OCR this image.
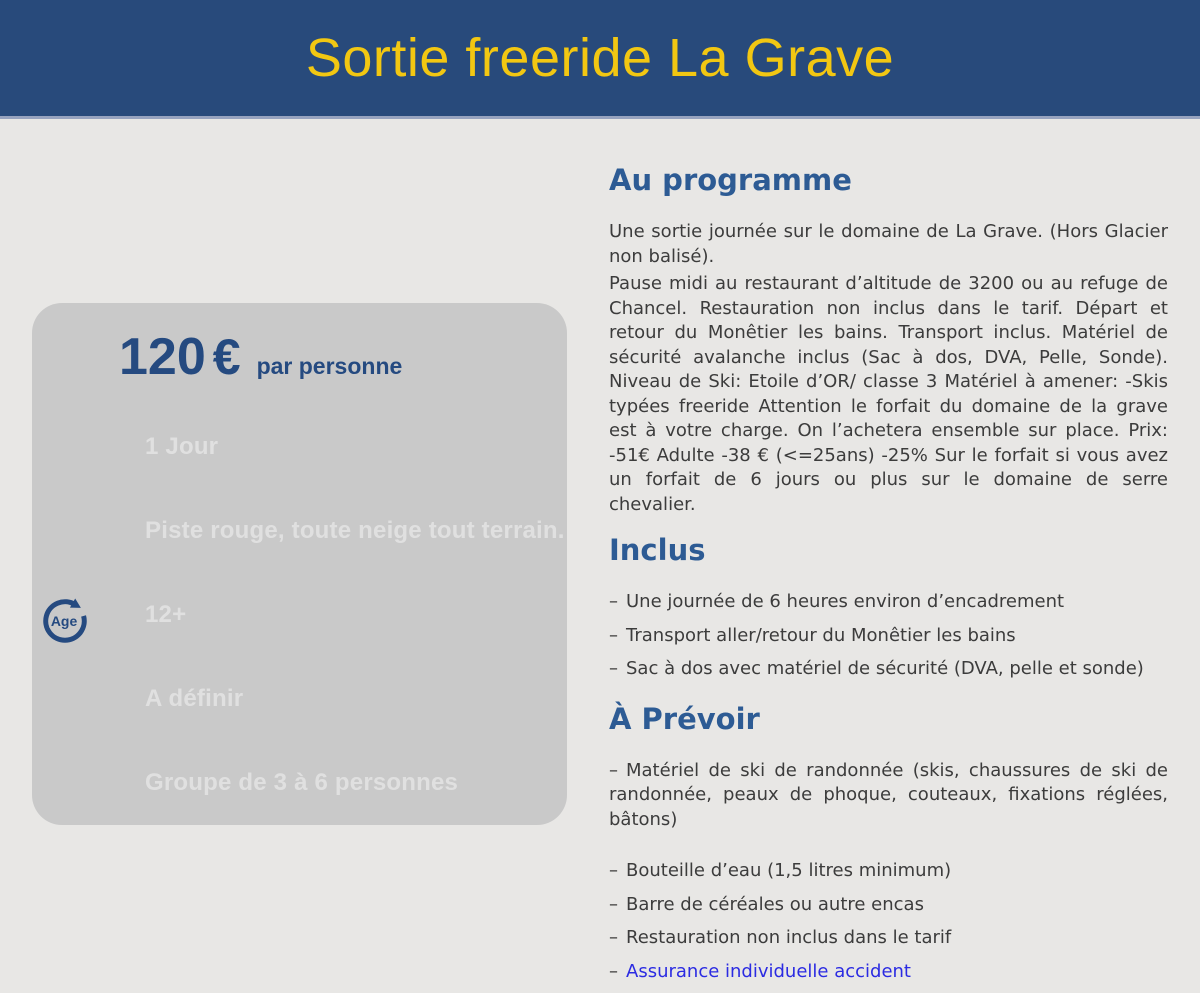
Sortie freeride La Grave
120 € par personne
1 Jour
Piste rouge, toute neige tout terrain.
12+
A définir
Groupe de 3 à 6 personnes
Age
Au programme

Une sortie journée sur le domaine de La Grave. (Hors Glacier non balisé).

Pause midi au restaurant d’altitude de 3200 ou au refuge de Chancel. Restauration non inclus dans le tarif. Départ et retour du Monêtier les bains. Transport inclus. Matériel de sécurité avalanche inclus (Sac à dos, DVA, Pelle, Sonde). Niveau de Ski: Etoile d’OR/ classe 3 Matériel à amener: -Skis typées freeride Attention le forfait du domaine de la grave est à votre charge. On l’achetera ensemble sur place. Prix: -51€ Adulte -38 € (<=25ans) -25% Sur le forfait si vous avez un forfait de 6 jours ou plus sur le domaine de serre chevalier.

Inclus
– Une journée de 6 heures environ d’encadrement
– Transport aller/retour du Monêtier les bains
– Sac à dos avec matériel de sécurité (DVA, pelle et sonde)
À Prévoir
– Matériel de ski de randonnée (skis, chaussures de ski de randonnée, peaux de phoque, couteaux, fixations réglées, bâtons)
– Bouteille d’eau (1,5 litres minimum)
– Barre de céréales ou autre encas
– Restauration non inclus dans le tarif
– Assurance individuelle accident
